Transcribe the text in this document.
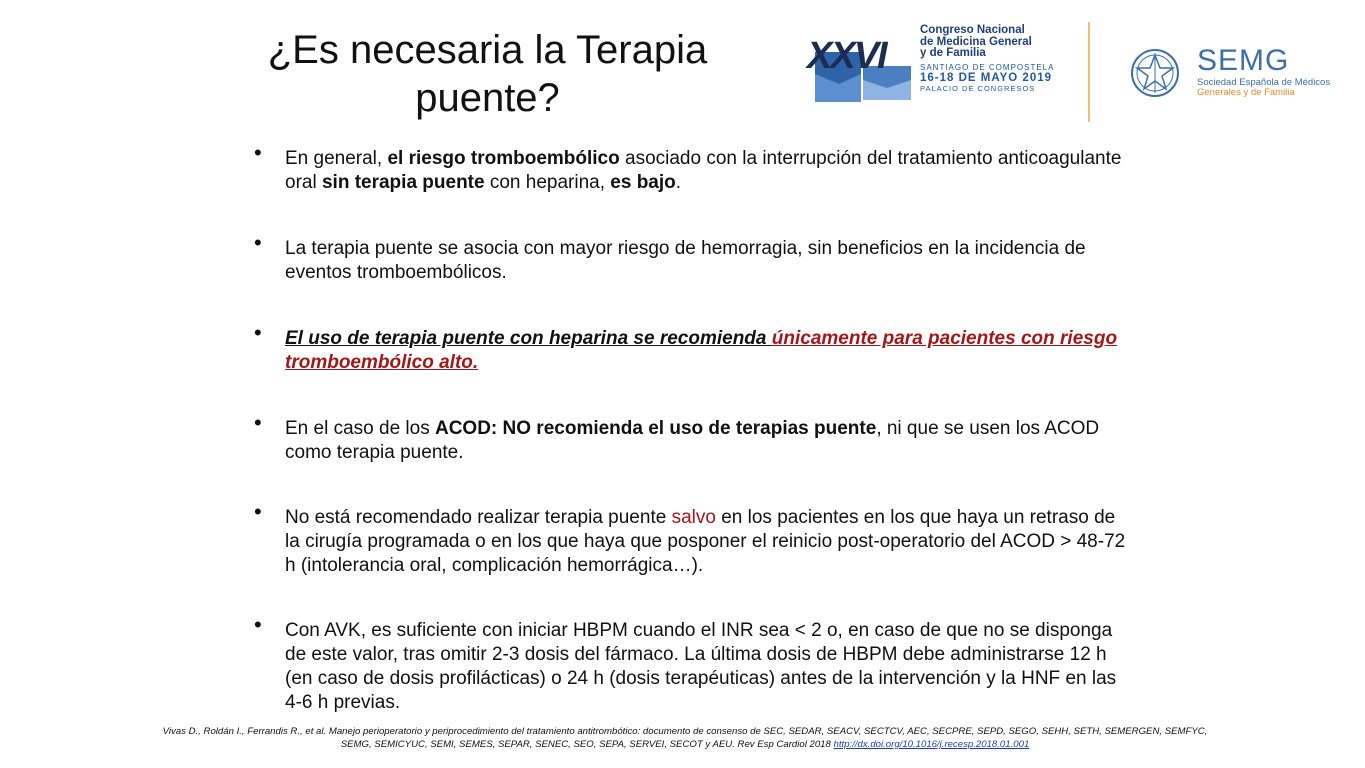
¿Es necesaria la Terapia
puente?
XXVI
Congreso Nacional
de Medicina General
y de Familia
SANTIAGO DE COMPOSTELA
16-18 DE MAYO 2019
PALACIO DE CONGRESOS
SEMG
Sociedad Española de Médicos
Generales y de Familia
• En general, el riesgo tromboembólico asociado con la interrupción del tratamiento anticoagulante oral sin terapia puente con heparina, es bajo.
• La terapia puente se asocia con mayor riesgo de hemorragia, sin beneficios en la incidencia de eventos tromboembólicos.
• El uso de terapia puente con heparina se recomienda únicamente para pacientes con riesgo tromboembólico alto.
• En el caso de los ACOD: NO recomienda el uso de terapias puente, ni que se usen los ACOD como terapia puente.
• No está recomendado realizar terapia puente salvo en los pacientes en los que haya un retraso de la cirugía programada o en los que haya que posponer el reinicio post-operatorio del ACOD > 48-72 h (intolerancia oral, complicación hemorrágica…).
• Con AVK, es suficiente con iniciar HBPM cuando el INR sea < 2 o, en caso de que no se disponga de este valor, tras omitir 2-3 dosis del fármaco. La última dosis de HBPM debe administrarse 12 h (en caso de dosis profilácticas) o 24 h (dosis terapéuticas) antes de la intervención y la HNF en las 4-6 h previas.
Vivas D., Roldán I., Ferrandis R., et al. Manejo perioperatorio y periprocedimiento del tratamiento antitrombótico: documento de consenso de SEC, SEDAR, SEACV, SECTCV, AEC, SECPRE, SEPD, SEGO, SEHH, SETH, SEMERGEN, SEMFYC, SEMG, SEMICYUC, SEMI, SEMES, SEPAR, SENEC, SEO, SEPA, SERVEI, SECOT y AEU. Rev Esp Cardiol 2018 http://dx.doi.org/10.1016/j.recesp.2018.01.001
